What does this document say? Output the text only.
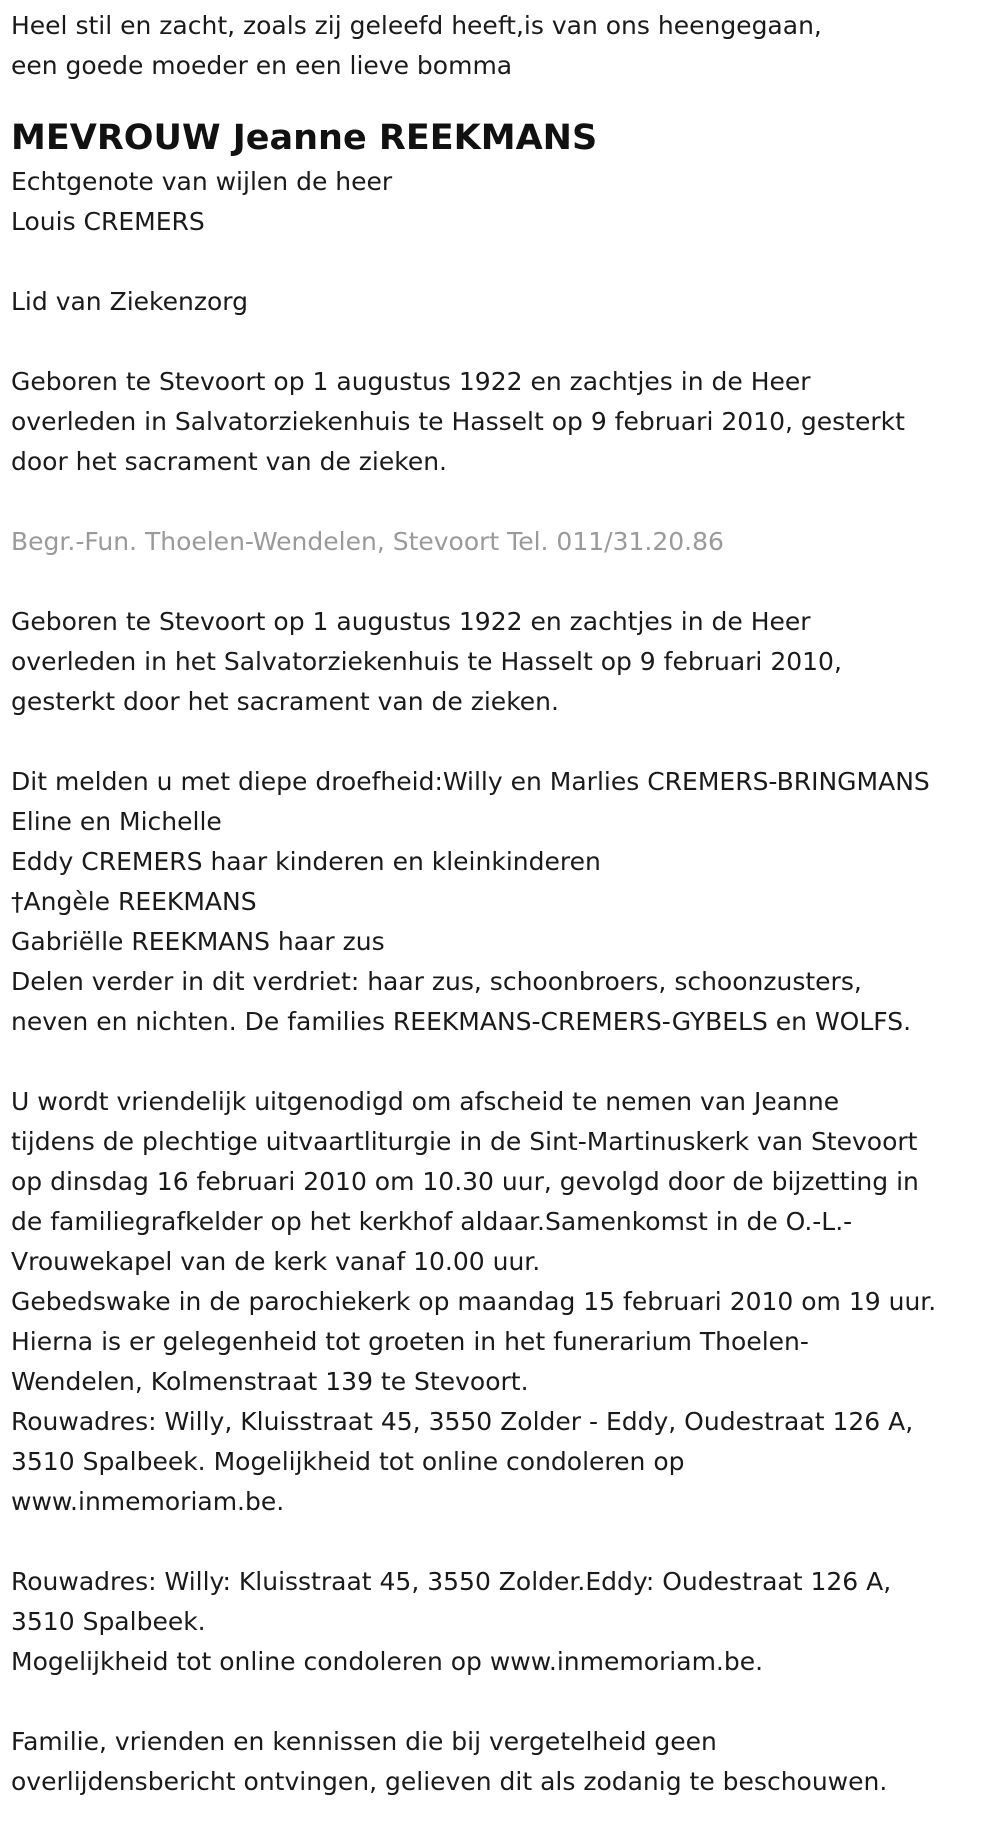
Heel stil en zacht, zoals zij geleefd heeft,is van ons heengegaan,
een goede moeder en een lieve bomma
MEVROUW Jeanne REEKMANS
Echtgenote van wijlen de heer
Louis CREMERS
Lid van Ziekenzorg
Geboren te Stevoort op 1 augustus 1922 en zachtjes in de Heer
overleden in Salvatorziekenhuis te Hasselt op 9 februari 2010, gesterkt
door het sacrament van de zieken.
Begr.-Fun. Thoelen-Wendelen, Stevoort Tel. 011/31.20.86
Geboren te Stevoort op 1 augustus 1922 en zachtjes in de Heer
overleden in het Salvatorziekenhuis te Hasselt op 9 februari 2010,
gesterkt door het sacrament van de zieken.
Dit melden u met diepe droefheid:Willy en Marlies CREMERS-BRINGMANS
Eline en Michelle
Eddy CREMERS haar kinderen en kleinkinderen
†Angèle REEKMANS
Gabriëlle REEKMANS haar zus
Delen verder in dit verdriet: haar zus, schoonbroers, schoonzusters,
neven en nichten. De families REEKMANS-CREMERS-GYBELS en WOLFS.
U wordt vriendelijk uitgenodigd om afscheid te nemen van Jeanne
tijdens de plechtige uitvaartliturgie in de Sint-Martinuskerk van Stevoort
op dinsdag 16 februari 2010 om 10.30 uur, gevolgd door de bijzetting in
de familiegrafkelder op het kerkhof aldaar.Samenkomst in de O.-L.-
Vrouwekapel van de kerk vanaf 10.00 uur.
Gebedswake in de parochiekerk op maandag 15 februari 2010 om 19 uur.
Hierna is er gelegenheid tot groeten in het funerarium Thoelen-
Wendelen, Kolmenstraat 139 te Stevoort.
Rouwadres: Willy, Kluisstraat 45, 3550 Zolder - Eddy, Oudestraat 126 A,
3510 Spalbeek. Mogelijkheid tot online condoleren op
www.inmemoriam.be.
Rouwadres: Willy: Kluisstraat 45, 3550 Zolder.Eddy: Oudestraat 126 A,
3510 Spalbeek.
Mogelijkheid tot online condoleren op www.inmemoriam.be.
Familie, vrienden en kennissen die bij vergetelheid geen
overlijdensbericht ontvingen, gelieven dit als zodanig te beschouwen.
